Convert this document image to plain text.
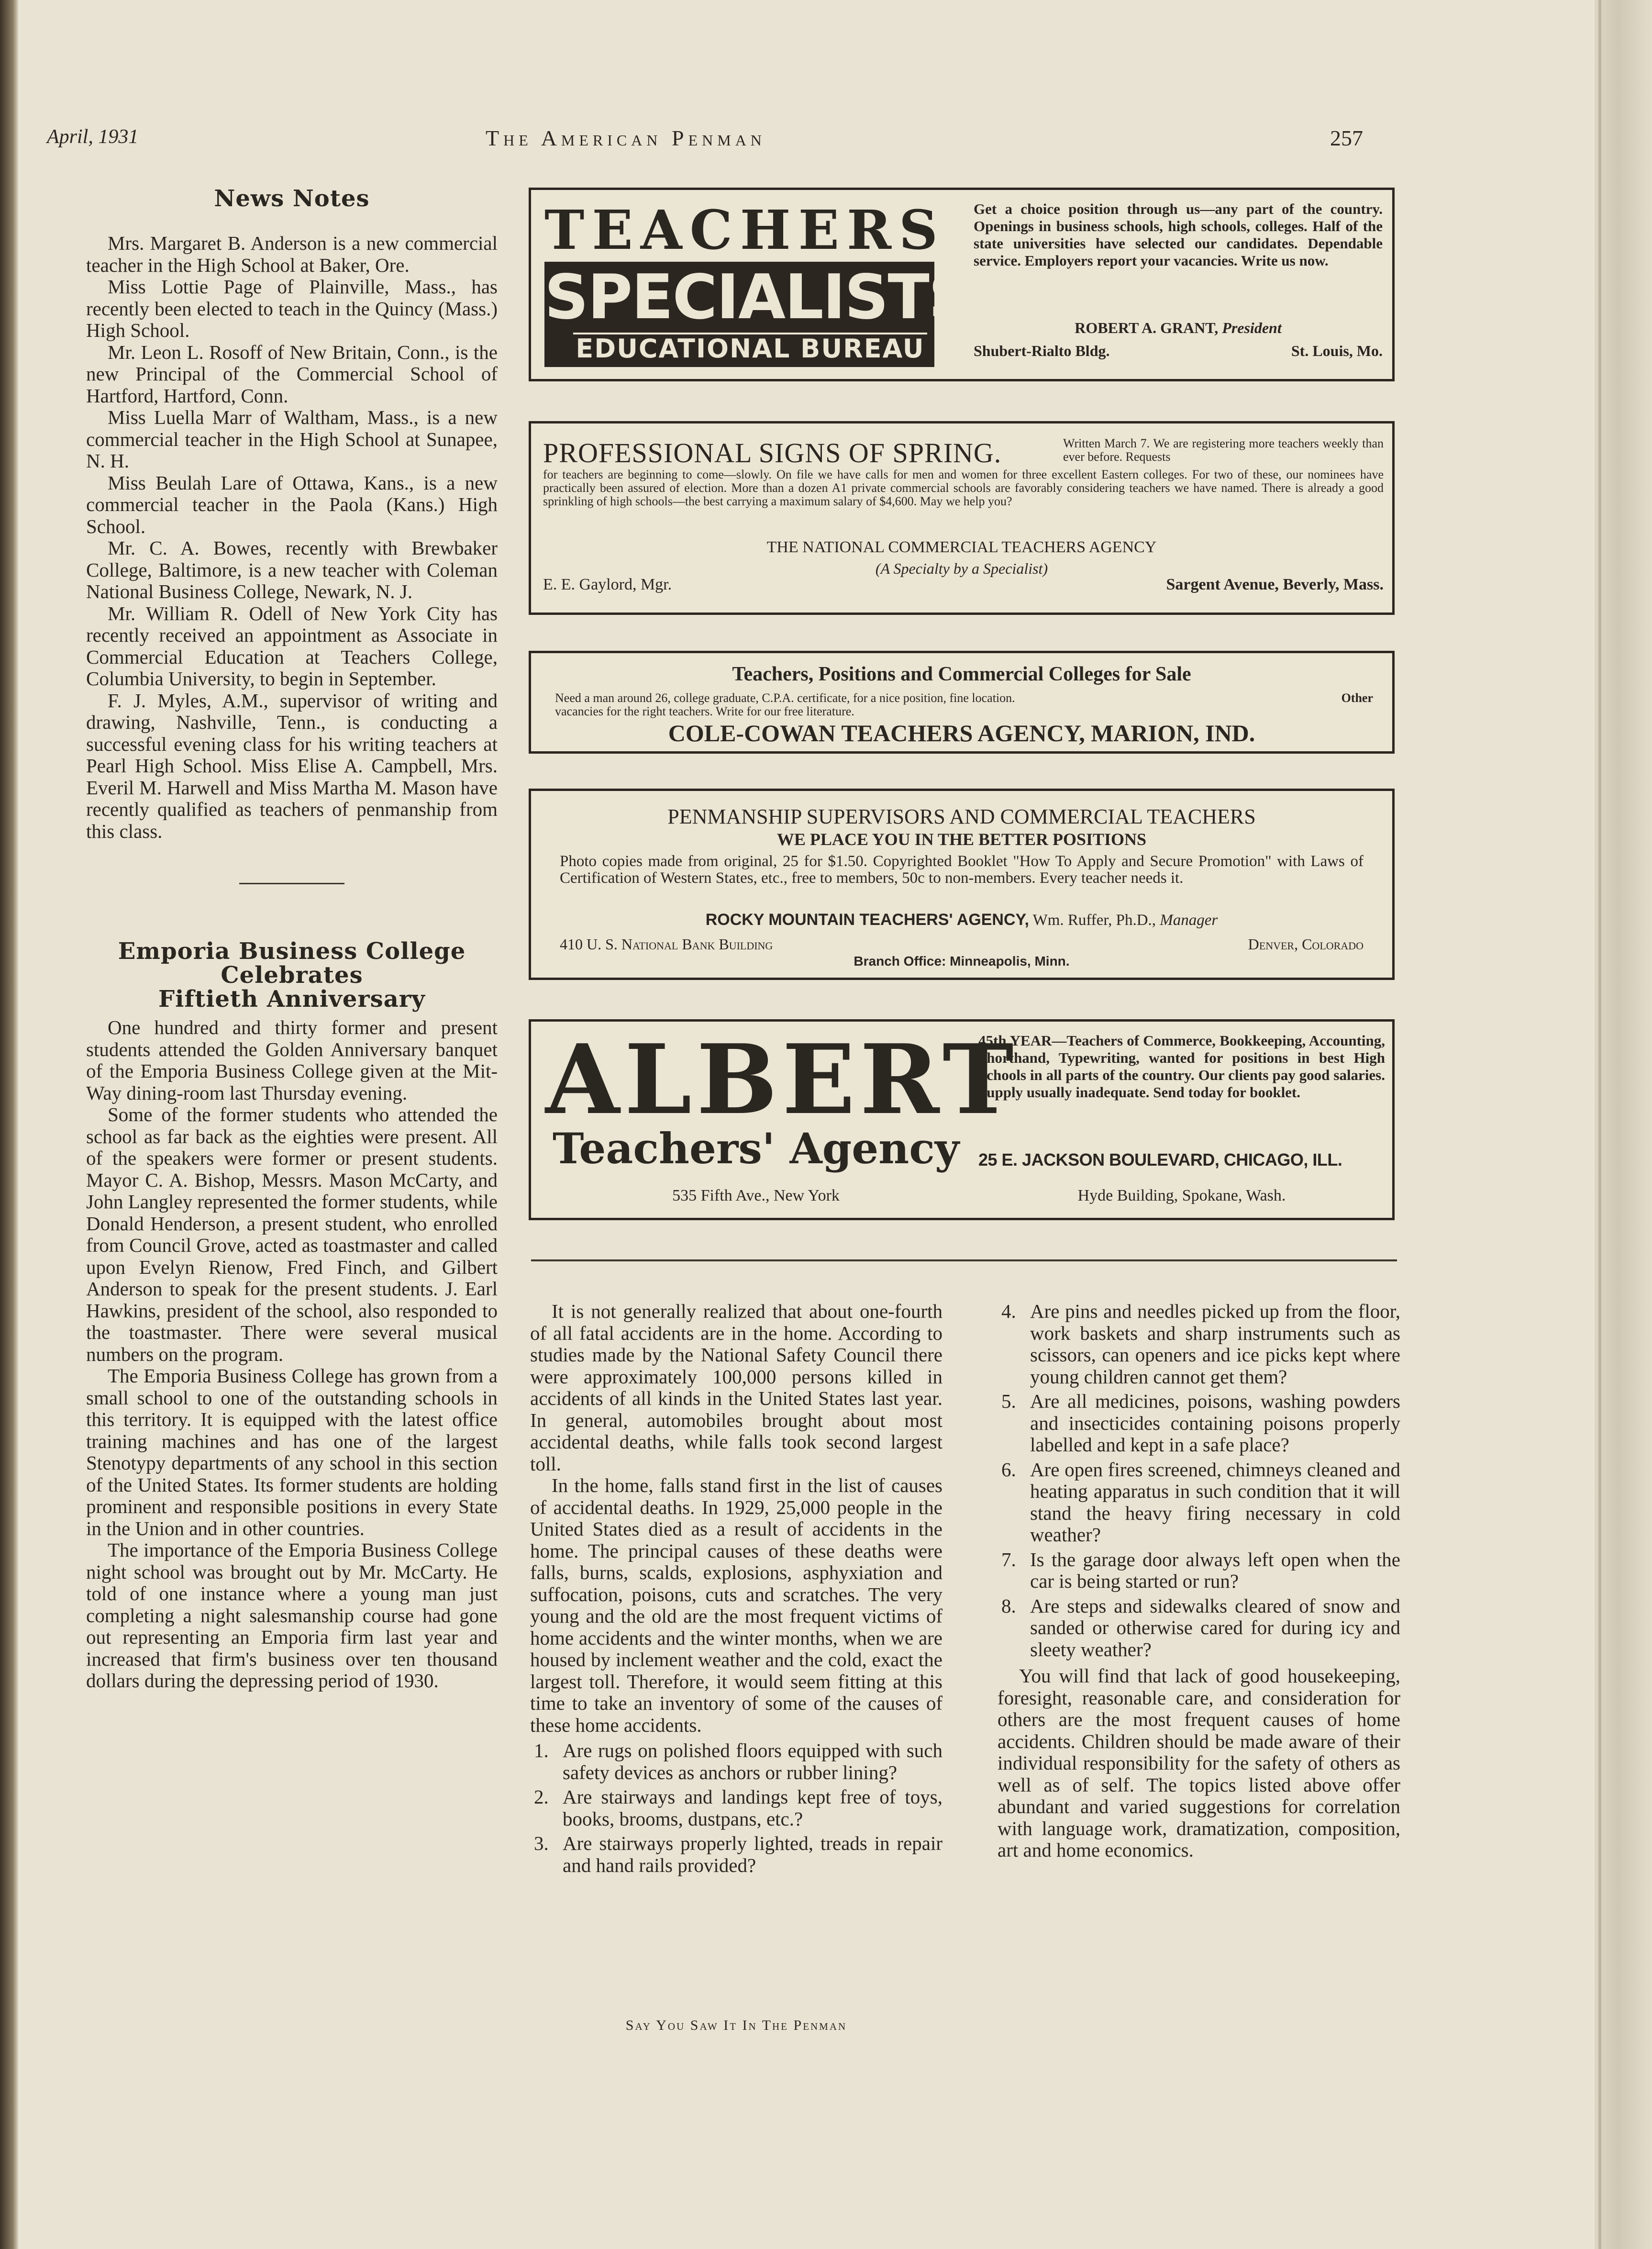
April, 1931	The American Penman	257
News Notes

Mrs. Margaret B. Anderson is a new commercial teacher in the High School at Baker, Ore.

Miss Lottie Page of Plainville, Mass., has recently been elected to teach in the Quincy (Mass.) High School.

Mr. Leon L. Rosoff of New Britain, Conn., is the new Principal of the Commercial School of Hartford, Hartford, Conn.

Miss Luella Marr of Waltham, Mass., is a new commercial teacher in the High School at Sunapee, N. H.

Miss Beulah Lare of Ottawa, Kans., is a new commercial teacher in the Paola (Kans.) High School.

Mr. C. A. Bowes, recently with Brewbaker College, Baltimore, is a new teacher with Coleman National Business College, Newark, N. J.

Mr. William R. Odell of New York City has recently received an appointment as Associate in Commercial Education at Teachers College, Columbia University, to begin in September.

F. J. Myles, A.M., supervisor of writing and drawing, Nashville, Tenn., is conducting a successful evening class for his writing teachers at Pearl High School. Miss Elise A. Campbell, Mrs. Everil M. Harwell and Miss Martha M. Mason have recently qualified as teachers of penmanship from this class.

Emporia Business College
Celebrates
Fiftieth Anniversary

One hundred and thirty former and present students attended the Golden Anniversary banquet of the Emporia Business College given at the Mit-Way dining-room last Thursday evening.

Some of the former students who attended the school as far back as the eighties were present. All of the speakers were former or present students. Mayor C. A. Bishop, Messrs. Mason McCarty, and John Langley represented the former students, while Donald Henderson, a present student, who enrolled from Council Grove, acted as toastmaster and called upon Evelyn Rienow, Fred Finch, and Gilbert Anderson to speak for the present students. J. Earl Hawkins, president of the school, also responded to the toastmaster. There were several musical numbers on the program.

The Emporia Business College has grown from a small school to one of the outstanding schools in this territory. It is equipped with the latest office training machines and has one of the largest Stenotypy departments of any school in this section of the United States. Its former students are holding prominent and responsible positions in every State in the Union and in other countries.

The importance of the Emporia Business College night school was brought out by Mr. McCarty. He told of one instance where a young man just completing a night salesmanship course had gone out representing an Emporia firm last year and increased that firm's business over ten thousand dollars during the depressing period of 1930.

TEACHERS
SPECIALISTS'
EDUCATIONAL BUREAU
Get a choice position through us—any part of the country. Openings in business schools, high schools, colleges. Half of the state universities have selected our candidates. Dependable service. Employers report your vacancies. Write us now.
ROBERT A. GRANT, President
Shubert-Rialto Bldg.	St. Louis, Mo.
PROFESSIONAL SIGNS OF SPRING.	Written March 7. We are registering more teachers weekly than ever before. Requests
for teachers are beginning to come—slowly. On file we have calls for men and women for three excellent Eastern colleges. For two of these, our nominees have practically been assured of election. More than a dozen A1 private commercial schools are favorably considering teachers we have named. There is already a good sprinkling of high schools—the best carrying a maximum salary of $4,600. May we help you?
THE NATIONAL COMMERCIAL TEACHERS AGENCY
(A Specialty by a Specialist)
E. E. Gaylord, Mgr.	Sargent Avenue, Beverly, Mass.
Teachers, Positions and Commercial Colleges for Sale
Other
Need a man around 26, college graduate, C.P.A. certificate, for a nice position, fine location.
vacancies for the right teachers. Write for our free literature.
COLE-COWAN TEACHERS AGENCY, MARION, IND.
PENMANSHIP SUPERVISORS AND COMMERCIAL TEACHERS
WE PLACE YOU IN THE BETTER POSITIONS
Photo copies made from original, 25 for $1.50. Copyrighted Booklet "How To Apply and Secure Promotion" with Laws of Certification of Western States, etc., free to members, 50c to non-members. Every teacher needs it.
ROCKY MOUNTAIN TEACHERS' AGENCY, Wm. Ruffer, Ph.D., Manager
410 U. S. National Bank Building	Denver, Colorado
Branch Office: Minneapolis, Minn.
ALBERT
Teachers' Agency
535 Fifth Ave., New York
45th YEAR—Teachers of Commerce, Bookkeeping, Accounting, Shorthand, Typewriting, wanted for positions in best High Schools in all parts of the country. Our clients pay good salaries. Supply usually inadequate. Send today for booklet.
25 E. JACKSON BOULEVARD, CHICAGO, ILL.
Hyde Building, Spokane, Wash.

It is not generally realized that about one-fourth of all fatal accidents are in the home. According to studies made by the National Safety Council there were approximately 100,000 persons killed in accidents of all kinds in the United States last year. In general, automobiles brought about most accidental deaths, while falls took second largest toll.

In the home, falls stand first in the list of causes of accidental deaths. In 1929, 25,000 people in the United States died as a result of accidents in the home. The principal causes of these deaths were falls, burns, scalds, explosions, asphyxiation and suffocation, poisons, cuts and scratches. The very young and the old are the most frequent victims of home accidents and the winter months, when we are housed by inclement weather and the cold, exact the largest toll. Therefore, it would seem fitting at this time to take an inventory of some of the causes of these home accidents.

1. Are rugs on polished floors equipped with such safety devices as anchors or rubber lining?
2. Are stairways and landings kept free of toys, books, brooms, dustpans, etc.?
3. Are stairways properly lighted, treads in repair and hand rails provided?
4. Are pins and needles picked up from the floor, work baskets and sharp instruments such as scissors, can openers and ice picks kept where young children cannot get them?
5. Are all medicines, poisons, washing powders and insecticides containing poisons properly labelled and kept in a safe place?
6. Are open fires screened, chimneys cleaned and heating apparatus in such condition that it will stand the heavy firing necessary in cold weather?
7. Is the garage door always left open when the car is being started or run?
8. Are steps and sidewalks cleared of snow and sanded or otherwise cared for during icy and sleety weather?

You will find that lack of good housekeeping, foresight, reasonable care, and consideration for others are the most frequent causes of home accidents. Children should be made aware of their individual responsibility for the safety of others as well as of self. The topics listed above offer abundant and varied suggestions for correlation with language work, dramatization, composition, art and home economics.

Say You Saw It In The Penman
